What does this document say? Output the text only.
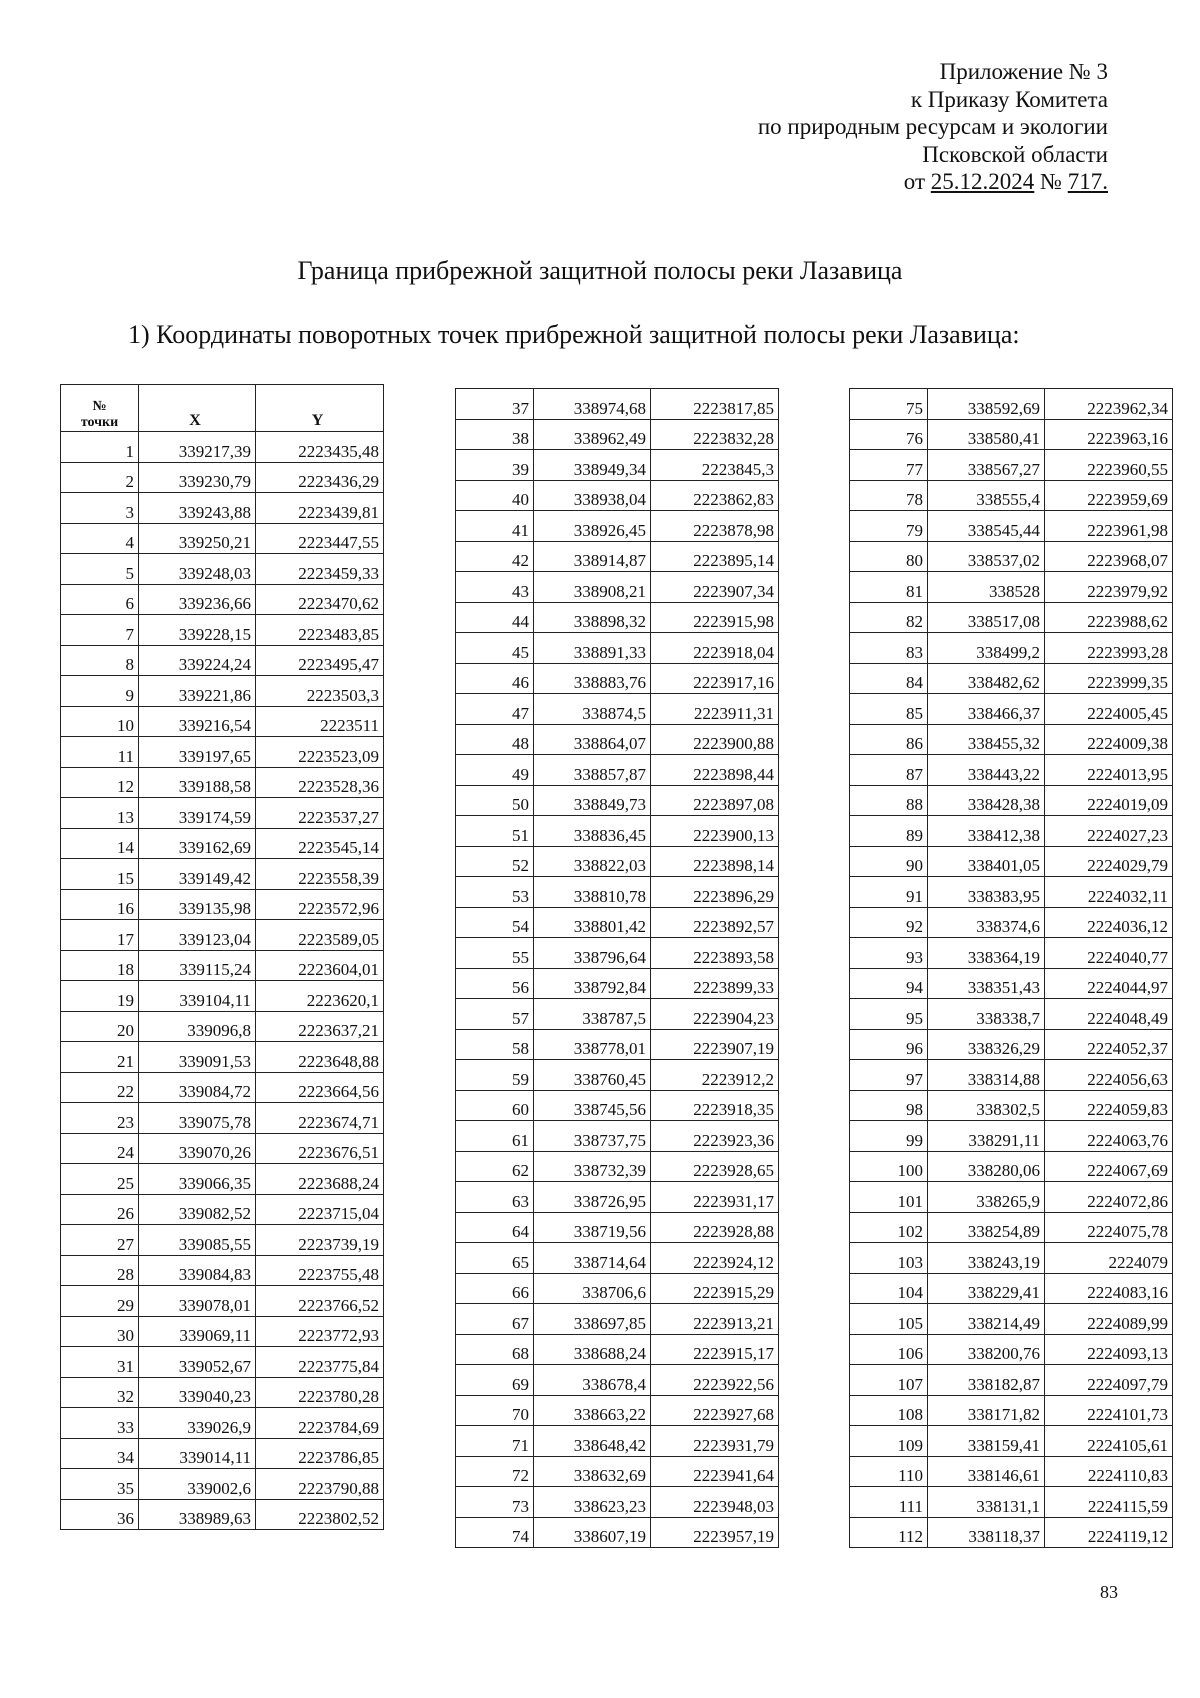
Приложение № 3
к Приказу Комитета
по природным ресурсам и экологии
Псковской области
от 25.12.2024 № 717.
Граница прибрежной защитной полосы реки Лазавица
1) Координаты поворотных точек прибрежной защитной полосы реки Лазавица:
№
точки	X	Y
1	339217,39	2223435,48
2	339230,79	2223436,29
3	339243,88	2223439,81
4	339250,21	2223447,55
5	339248,03	2223459,33
6	339236,66	2223470,62
7	339228,15	2223483,85
8	339224,24	2223495,47
9	339221,86	2223503,3
10	339216,54	2223511
11	339197,65	2223523,09
12	339188,58	2223528,36
13	339174,59	2223537,27
14	339162,69	2223545,14
15	339149,42	2223558,39
16	339135,98	2223572,96
17	339123,04	2223589,05
18	339115,24	2223604,01
19	339104,11	2223620,1
20	339096,8	2223637,21
21	339091,53	2223648,88
22	339084,72	2223664,56
23	339075,78	2223674,71
24	339070,26	2223676,51
25	339066,35	2223688,24
26	339082,52	2223715,04
27	339085,55	2223739,19
28	339084,83	2223755,48
29	339078,01	2223766,52
30	339069,11	2223772,93
31	339052,67	2223775,84
32	339040,23	2223780,28
33	339026,9	2223784,69
34	339014,11	2223786,85
35	339002,6	2223790,88
36	338989,63	2223802,52
37	338974,68	2223817,85
38	338962,49	2223832,28
39	338949,34	2223845,3
40	338938,04	2223862,83
41	338926,45	2223878,98
42	338914,87	2223895,14
43	338908,21	2223907,34
44	338898,32	2223915,98
45	338891,33	2223918,04
46	338883,76	2223917,16
47	338874,5	2223911,31
48	338864,07	2223900,88
49	338857,87	2223898,44
50	338849,73	2223897,08
51	338836,45	2223900,13
52	338822,03	2223898,14
53	338810,78	2223896,29
54	338801,42	2223892,57
55	338796,64	2223893,58
56	338792,84	2223899,33
57	338787,5	2223904,23
58	338778,01	2223907,19
59	338760,45	2223912,2
60	338745,56	2223918,35
61	338737,75	2223923,36
62	338732,39	2223928,65
63	338726,95	2223931,17
64	338719,56	2223928,88
65	338714,64	2223924,12
66	338706,6	2223915,29
67	338697,85	2223913,21
68	338688,24	2223915,17
69	338678,4	2223922,56
70	338663,22	2223927,68
71	338648,42	2223931,79
72	338632,69	2223941,64
73	338623,23	2223948,03
74	338607,19	2223957,19
75	338592,69	2223962,34
76	338580,41	2223963,16
77	338567,27	2223960,55
78	338555,4	2223959,69
79	338545,44	2223961,98
80	338537,02	2223968,07
81	338528	2223979,92
82	338517,08	2223988,62
83	338499,2	2223993,28
84	338482,62	2223999,35
85	338466,37	2224005,45
86	338455,32	2224009,38
87	338443,22	2224013,95
88	338428,38	2224019,09
89	338412,38	2224027,23
90	338401,05	2224029,79
91	338383,95	2224032,11
92	338374,6	2224036,12
93	338364,19	2224040,77
94	338351,43	2224044,97
95	338338,7	2224048,49
96	338326,29	2224052,37
97	338314,88	2224056,63
98	338302,5	2224059,83
99	338291,11	2224063,76
100	338280,06	2224067,69
101	338265,9	2224072,86
102	338254,89	2224075,78
103	338243,19	2224079
104	338229,41	2224083,16
105	338214,49	2224089,99
106	338200,76	2224093,13
107	338182,87	2224097,79
108	338171,82	2224101,73
109	338159,41	2224105,61
110	338146,61	2224110,83
111	338131,1	2224115,59
112	338118,37	2224119,12
83
